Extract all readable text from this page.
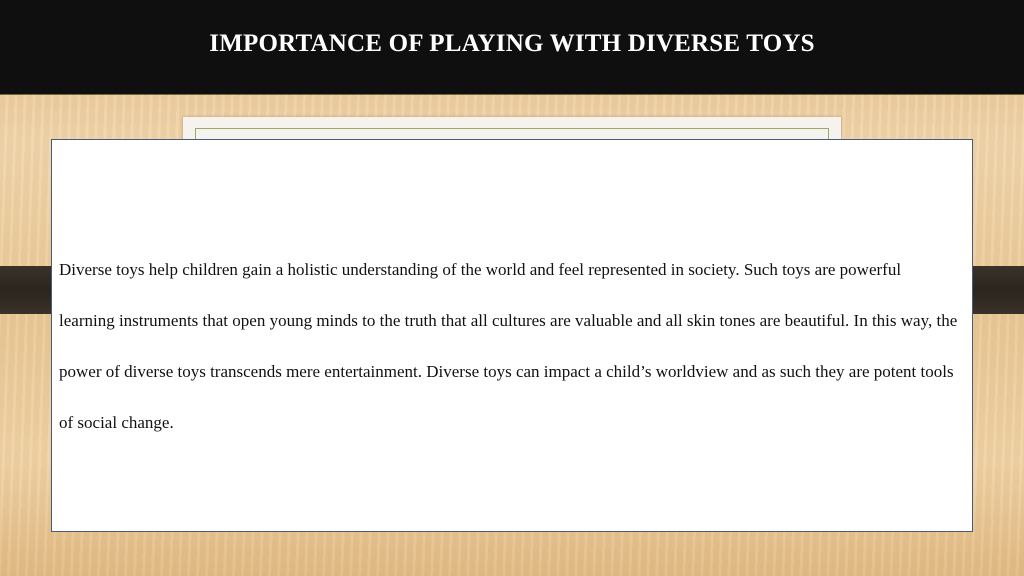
IMPORTANCE OF PLAYING WITH DIVERSE TOYS

Diverse toys help children gain a holistic understanding of the world and feel represented in society. Such toys are powerful learning instruments that open young minds to the truth that all cultures are valuable and all skin tones are beautiful. In this way, the power of diverse toys transcends mere entertainment. Diverse toys can impact a child’s worldview and as such they are potent tools of social change.
